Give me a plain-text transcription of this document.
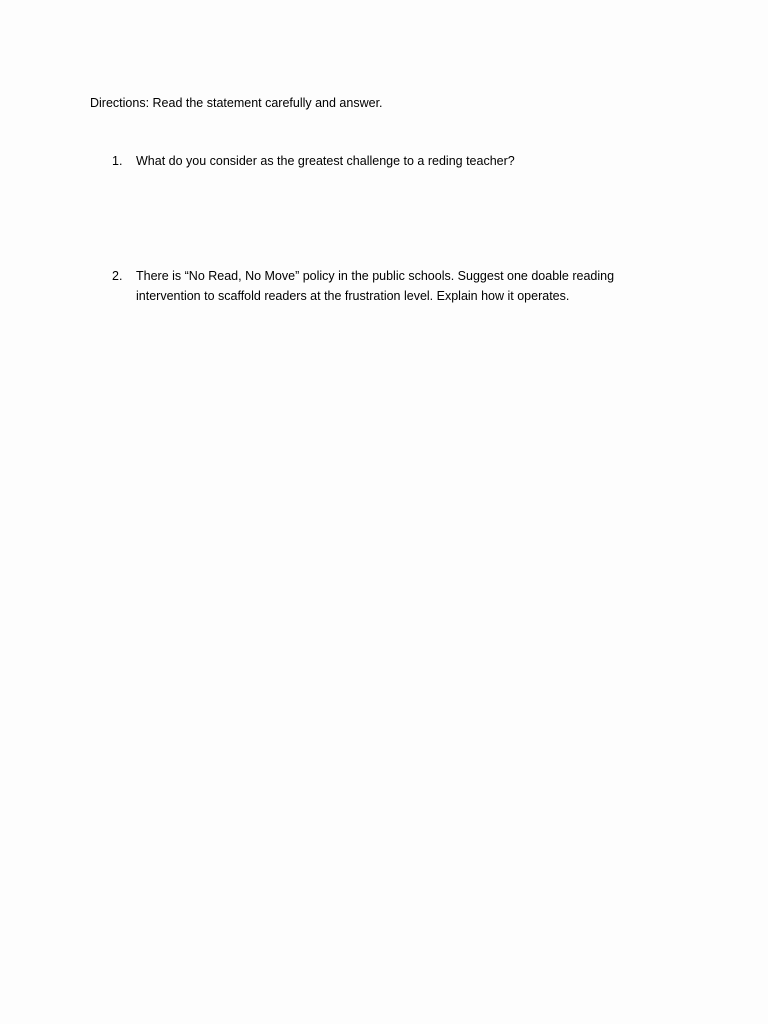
Directions: Read the statement carefully and answer.
1.	What do you consider as the greatest challenge to a reding teacher?
2.	There is “No Read, No Move” policy in the public schools. Suggest one doable reading intervention to scaffold readers at the frustration level. Explain how it operates.
